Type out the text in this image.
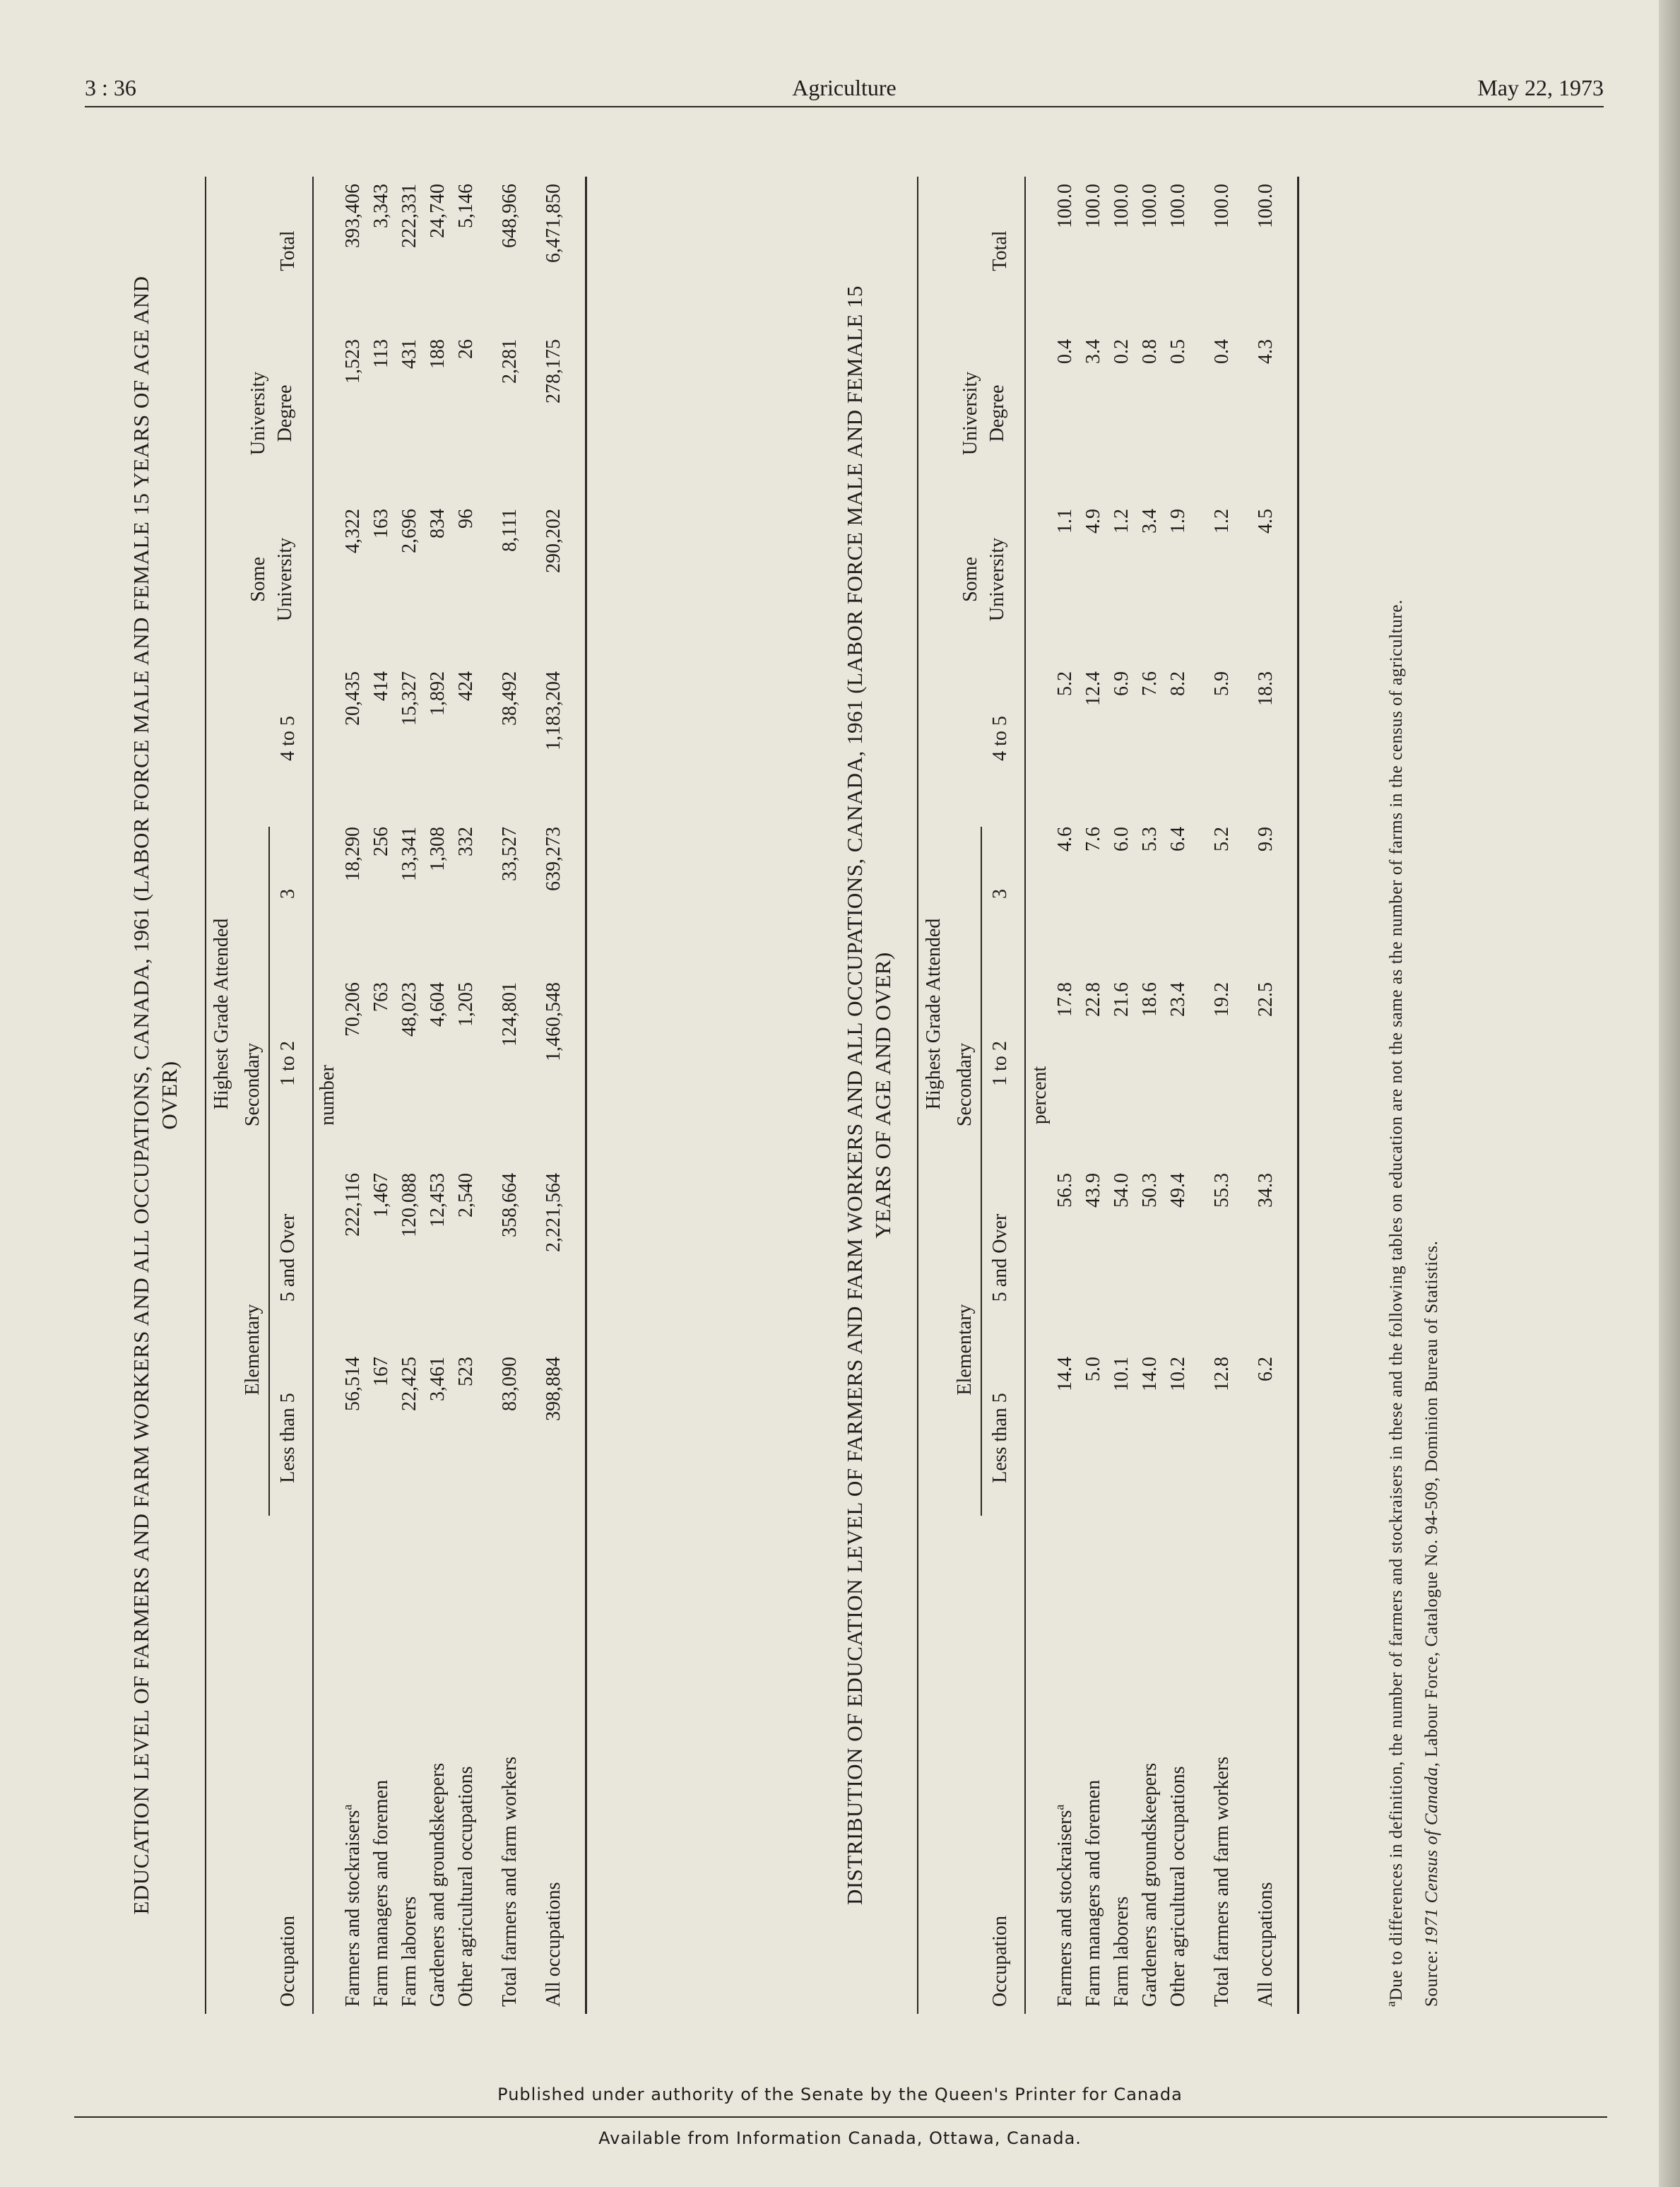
3 : 36	Agriculture	May 22, 1973
EDUCATION LEVEL OF FARMERS AND FARM WORKERS AND ALL OCCUPATIONS, CANADA, 1961 (LABOR FORCE MALE AND FEMALE 15 YEARS OF AGE AND OVER) Highest Grade Attended
Elementary
Secondary
Some University
University Degree
Occupation
Less than 5
5 and Over
1 to 2
3
4 to 5
Total
number
Farmers and stockraisers$^a$
56,514
222,116
70,206
18,290
20,435
4,322
1,523
393,406
Farm managers and foremen
167
1,467
763
256
414
163
113
3,343
Farm laborers
22,425
120,088
48,023
13,341
15,327
2,696
431
222,331
Gardeners and groundskeepers
3,461
12,453
4,604
1,308
1,892
834
188
24,740
Other agricultural occupations
523
2,540
1,205
332
424
96
26
5,146
Total farmers and farm workers
83,090
358,664
124,801
33,527
38,492
8,111
2,281
648,966
All occupations
398,884
2,221,564
1,460,548
639,273
1,183,204
290,202
278,175
6,471,850
DISTRIBUTION OF EDUCATION LEVEL OF FARMERS AND FARM WORKERS AND ALL OCCUPATIONS, CANADA, 1961 (LABOR FORCE MALE AND FEMALE 15 YEARS OF AGE AND OVER) Highest Grade Attended
Elementary
Secondary
Some University
University Degree
Occupation
Less than 5
5 and Over
1 to 2
3
4 to 5
Total
percent
Farmers and stockraisers$^a$
14.4
56.5
17.8
4.6
5.2
1.1
0.4
100.0
Farm managers and foremen
5.0
43.9
22.8
7.6
12.4
4.9
3.4
100.0
Farm laborers
10.1
54.0
21.6
6.0
6.9
1.2
0.2
100.0
Gardeners and groundskeepers
14.0
50.3
18.6
5.3
7.6
3.4
0.8
100.0
Other agricultural occupations
10.2
49.4
23.4
6.4
8.2
1.9
0.5
100.0
Total farmers and farm workers
12.8
55.3
19.2
5.2
5.9
1.2
0.4
100.0
All occupations
6.2
34.3
22.5
9.9
18.3
4.5
4.3
100.0
$^a$Due to differences in definition, the number of farmers and stockraisers in these and the following tables on education are not the same as the number of farms in the census of agriculture. Source: 1971 Census of Canada, Labour Force, Catalogue No. 94-509, Dominion Bureau of Statistics.
Published under authority of the Senate by the Queen's Printer for Canada
Available from Information Canada, Ottawa, Canada.
